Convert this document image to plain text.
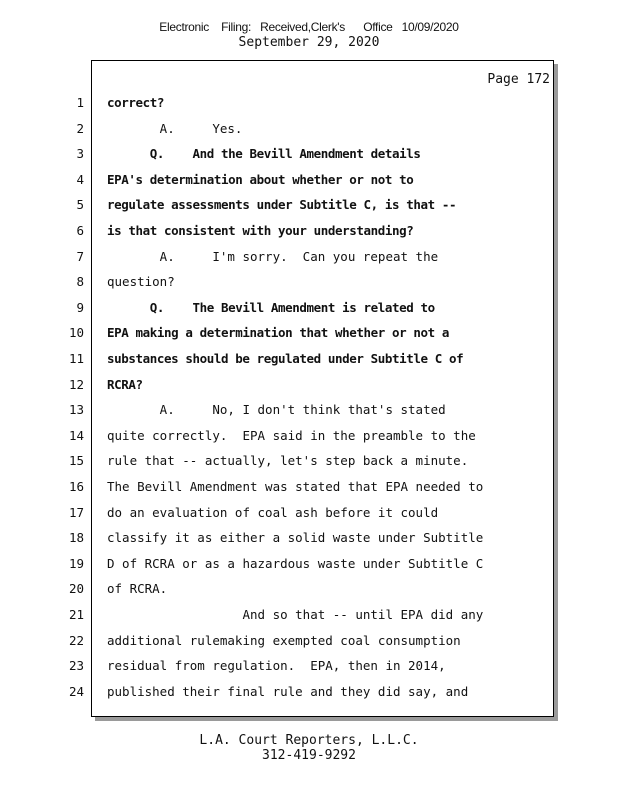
Electronic    Filing:   Received,Clerk's      Office   10/09/2020
September 29, 2020
Page 172
1 correct?
2 A.     Yes.
3 Q.    And the Bevill Amendment details
4 EPA's determination about whether or not to
5 regulate assessments under Subtitle C, is that --
6 is that consistent with your understanding?
7 A.     I'm sorry.  Can you repeat the
8 question?
9 Q.    The Bevill Amendment is related to
10 EPA making a determination that whether or not a
11 substances should be regulated under Subtitle C of
12 RCRA?
13 A.     No, I don't think that's stated
14 quite correctly.  EPA said in the preamble to the
15 rule that -- actually, let's step back a minute.
16 The Bevill Amendment was stated that EPA needed to
17 do an evaluation of coal ash before it could
18 classify it as either a solid waste under Subtitle
19 D of RCRA or as a hazardous waste under Subtitle C
20 of RCRA.
21 And so that -- until EPA did any
22 additional rulemaking exempted coal consumption
23 residual from regulation.  EPA, then in 2014,
24 published their final rule and they did say, and
L.A. Court Reporters, L.L.C.
312-419-9292
